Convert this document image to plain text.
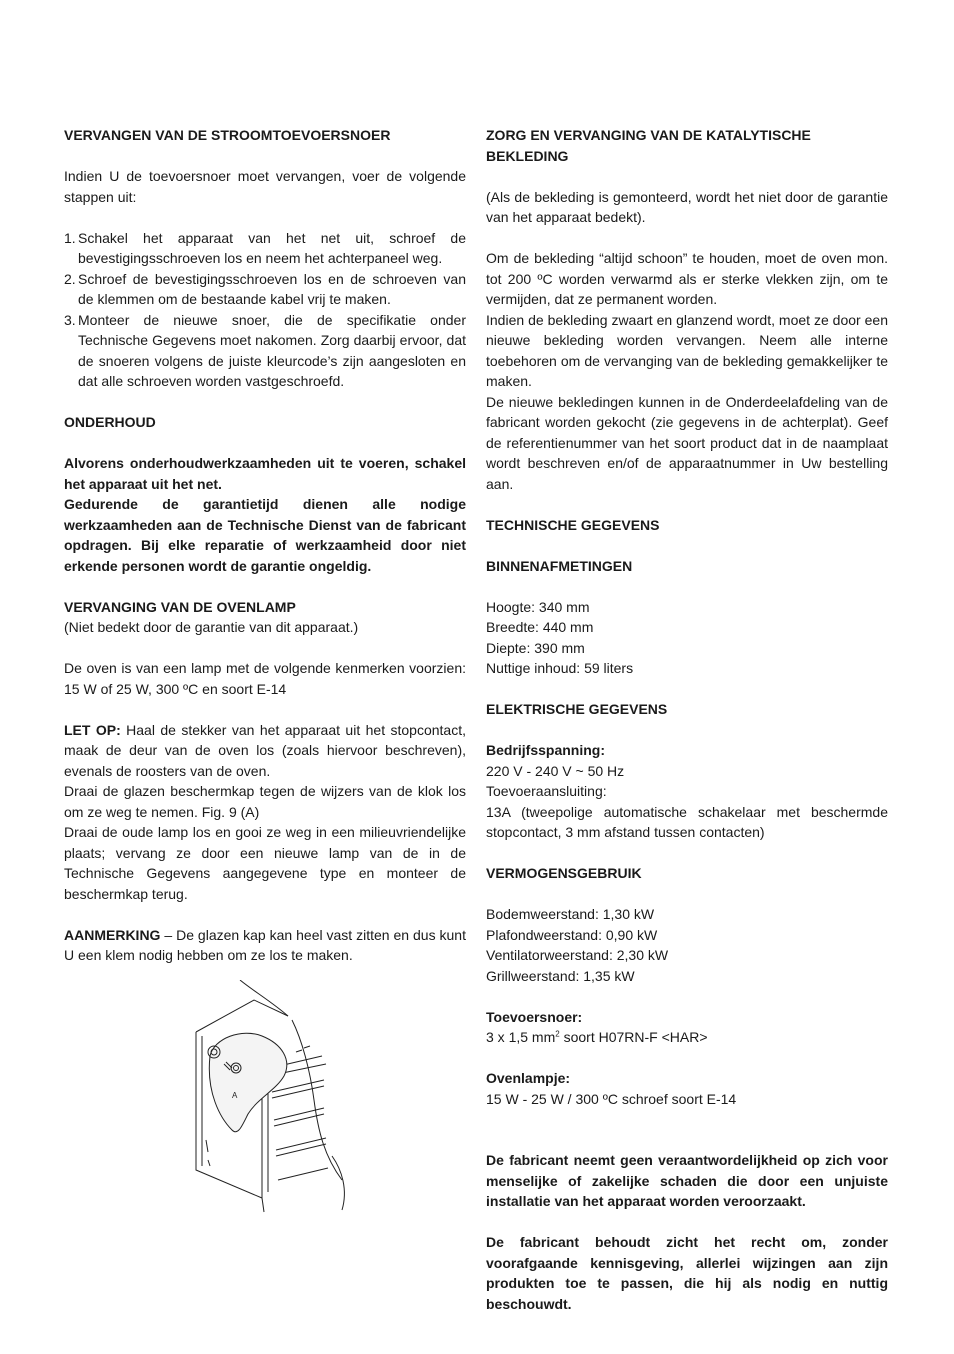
VERVANGEN VAN DE STROOMTOEVOERSNOER

Indien U de toevoersnoer moet vervangen, voer de volgende stappen uit:

1. Schakel het apparaat van het net uit, schroef de bevestigingsschroeven los en neem het achterpaneel weg.
2. Schroef de bevestigingsschroeven los en de schroeven van de klemmen om de bestaande kabel vrij te maken.
3. Monteer de nieuwe snoer, die de specifikatie onder Technische Gegevens moet nakomen. Zorg daarbij ervoor, dat de snoeren volgens de juiste kleurcode’s zijn aangesloten en dat alle schroeven worden vastgeschroefd.

ONDERHOUD

Alvorens onderhoudwerkzaamheden uit te voeren, schakel het apparaat uit het net.

Gedurende de garantietijd dienen alle nodige werkzaamheden aan de Technische Dienst van de fabricant opdragen. Bij elke reparatie of werkzaamheid door niet erkende personen wordt de garantie ongeldig.

VERVANGING VAN DE OVENLAMP

(Niet bedekt door de garantie van dit apparaat.)

De oven is van een lamp met de volgende kenmerken voorzien: 15 W of 25 W, 300 ºC en soort E-14

LET OP: Haal de stekker van het apparaat uit het stopcontact, maak de deur van de oven los (zoals hiervoor beschreven), evenals de roosters van de oven.

Draai de glazen beschermkap tegen de wijzers van de klok los om ze weg te nemen. Fig. 9 (A)

Draai de oude lamp los en gooi ze weg in een milieuvriendelijke plaats; vervang ze door een nieuwe lamp van de in de Technische Gegevens aangegevene type en monteer de beschermkap terug.

AANMERKING – De glazen kap kan heel vast zitten en dus kunt U een klem nodig hebben om ze los te maken.

A

ZORG EN VERVANGING VAN DE KATALYTISCHE BEKLEDING

(Als de bekleding is gemonteerd, wordt het niet door de garantie van het apparaat bedekt).

Om de bekleding “altijd schoon” te houden, moet de oven mon. tot 200 ºC worden verwarmd als er sterke vlekken zijn, om te vermijden, dat ze permanent worden.

Indien de bekleding zwaart en glanzend wordt, moet ze door een nieuwe bekleding worden vervangen. Neem alle interne toebehoren om de vervanging van de bekleding gemakkelijker te maken.

De nieuwe bekledingen kunnen in de Onderdeelafdeling van de fabricant worden gekocht (zie gegevens in de achterplat). Geef de referentienummer van het soort product dat in de naamplaat wordt beschreven en/of de apparaatnummer in Uw bestelling aan.

TECHNISCHE GEGEVENS

BINNENAFMETINGEN

Hoogte: 340 mm

Breedte: 440 mm

Diepte: 390 mm

Nuttige inhoud: 59 liters

ELEKTRISCHE GEGEVENS

Bedrijfsspanning:

220 V - 240 V ~ 50 Hz

Toevoeraansluiting:

13A (tweepolige automatische schakelaar met beschermde stopcontact, 3 mm afstand tussen contacten)

VERMOGENSGEBRUIK

Bodemweerstand: 1,30 kW

Plafondweerstand: 0,90 kW

Ventilatorweerstand: 2,30 kW

Grillweerstand: 1,35 kW

Toevoersnoer:

3 x 1,5 $mm^2$ soort H07RN-F <HAR>

Ovenlampje:

15 W - 25 W / 300 ºC schroef soort E-14

De fabricant neemt geen veraantwordelijkheid op zich voor menselijke of zakelijke schaden die door een unjuiste installatie van het apparaat worden veroorzaakt.

De fabricant behoudt zicht het recht om, zonder voorafgaande kennisgeving, allerlei wijzingen aan zijn produkten toe te passen, die hij als nodig en nuttig beschouwdt.
